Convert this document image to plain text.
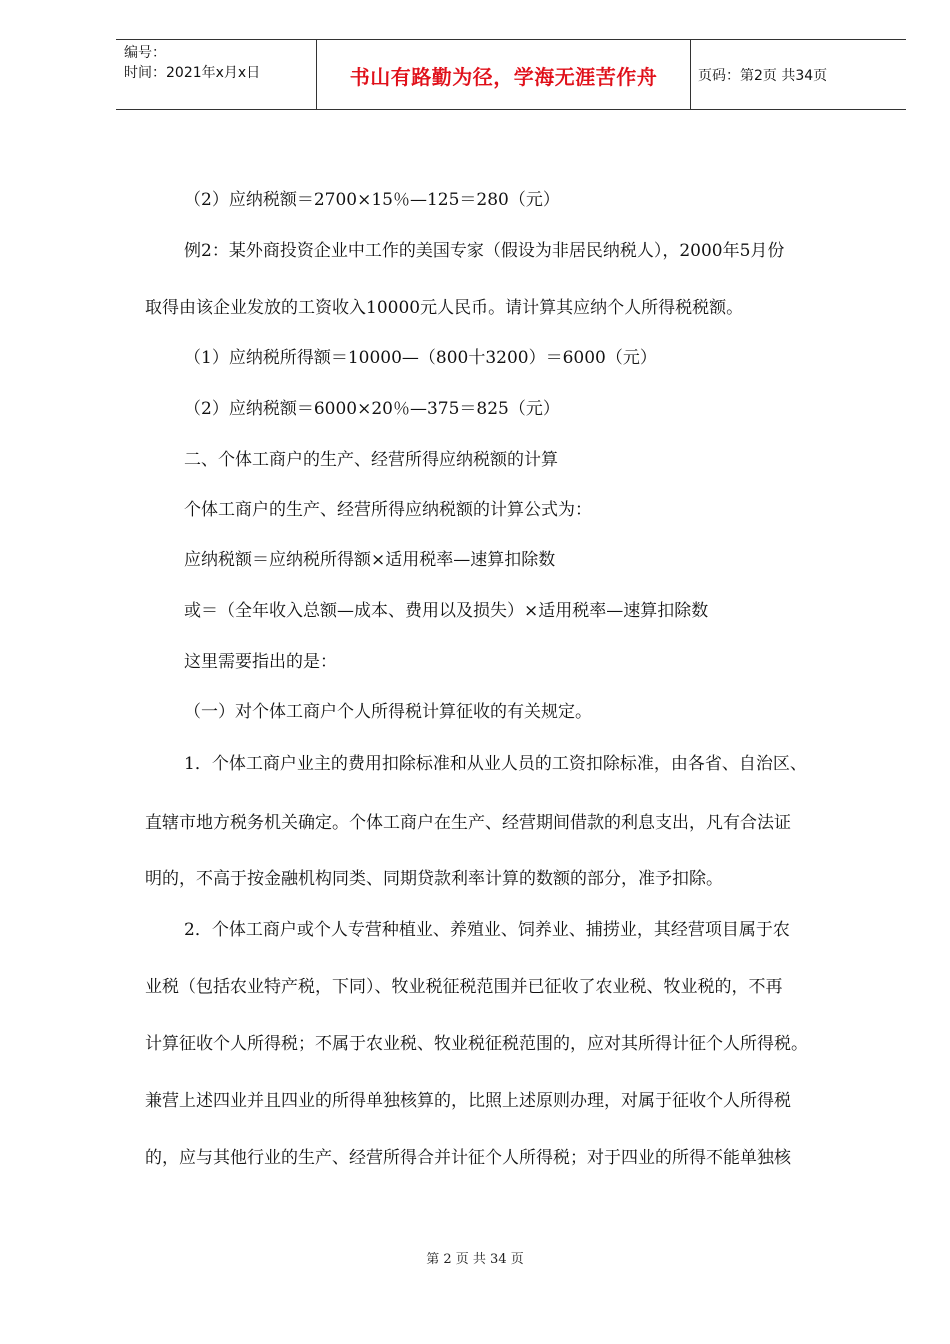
编号：
时间：2021年x月x日	书山有路勤为径，学海无涯苦作舟	页码：第2页 共34页
（2）应纳税额＝2700×15％—125＝280（元）
例2：某外商投资企业中工作的美国专家（假设为非居民纳税人），2000年5月份
取得由该企业发放的工资收入10000元人民币。请计算其应纳个人所得税税额。
（1）应纳税所得额＝10000—（800十3200）＝6000（元）
（2）应纳税额＝6000×20％—375＝825（元）
二、个体工商户的生产、经营所得应纳税额的计算
个体工商户的生产、经营所得应纳税额的计算公式为：
应纳税额＝应纳税所得额×适用税率—速算扣除数
或＝（全年收入总额—成本、费用以及损失）×适用税率—速算扣除数
这里需要指出的是：
（一）对个体工商户个人所得税计算征收的有关规定。
1．个体工商户业主的费用扣除标准和从业人员的工资扣除标准，由各省、自治区、
直辖市地方税务机关确定。个体工商户在生产、经营期间借款的利息支出，凡有合法证
明的，不高于按金融机构同类、同期贷款利率计算的数额的部分，准予扣除。
2．个体工商户或个人专营种植业、养殖业、饲养业、捕捞业，其经营项目属于农
业税（包括农业特产税，下同）、牧业税征税范围并已征收了农业税、牧业税的，不再
计算征收个人所得税；不属于农业税、牧业税征税范围的，应对其所得计征个人所得税。
兼营上述四业并且四业的所得单独核算的，比照上述原则办理，对属于征收个人所得税
的，应与其他行业的生产、经营所得合并计征个人所得税；对于四业的所得不能单独核
第 2 页 共 34 页
